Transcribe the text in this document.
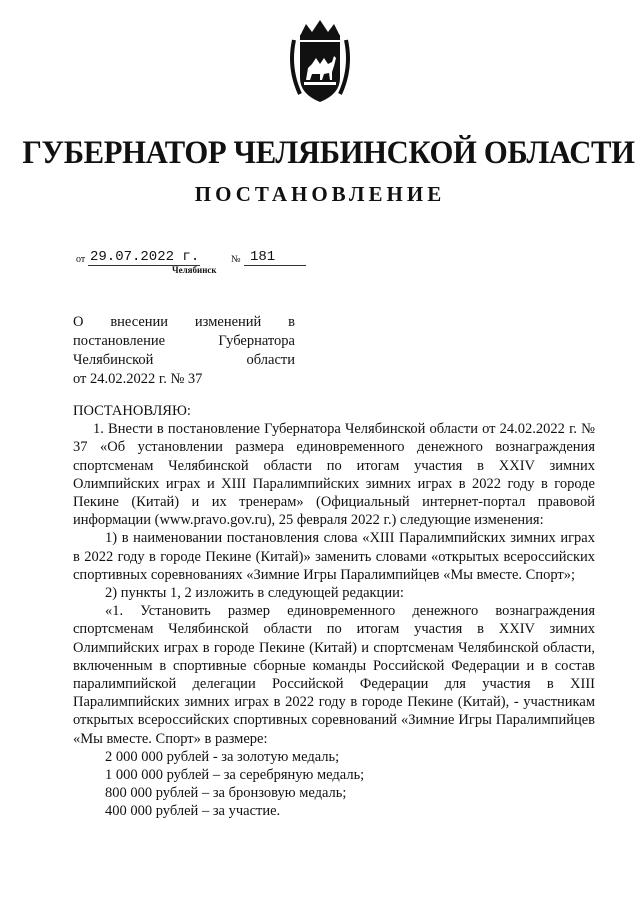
ГУБЕРНАТОР ЧЕЛЯБИНСКОЙ ОБЛАСТИ
ПОСТАНОВЛЕНИЕ
от 29.07.2022 г.	№ 181
Челябинск
О внесении изменений в
постановление Губернатора
Челябинской области
от 24.02.2022 г. № 37

ПОСТАНОВЛЯЮ:

1. Внести в постановление Губернатора Челябинской области от 24.02.2022 г. № 37 «Об установлении размера единовременного денежного вознаграждения спортсменам Челябинской области по итогам участия в XXIV зимних Олимпийских играх и XIII Паралимпийских зимних играх в 2022 году в городе Пекине (Китай) и их тренерам» (Официальный интернет-портал правовой информации (www.pravo.gov.ru), 25 февраля 2022 г.) следующие изменения:

1) в наименовании постановления слова «XIII Паралимпийских зимних играх в 2022 году в городе Пекине (Китай)» заменить словами «открытых всероссийских спортивных соревнованиях «Зимние Игры Паралимпийцев «Мы вместе. Спорт»;

2) пункты 1, 2 изложить в следующей редакции:

«1. Установить размер единовременного денежного вознаграждения спортсменам Челябинской области по итогам участия в XXIV зимних Олимпийских играх в городе Пекине (Китай) и спортсменам Челябинской области, включенным в спортивные сборные команды Российской Федерации и в состав паралимпийской делегации Российской Федерации для участия в XIII Паралимпийских зимних играх в 2022 году в городе Пекине (Китай), - участникам открытых всероссийских спортивных соревнований «Зимние Игры Паралимпийцев «Мы вместе. Спорт» в размере:

2 000 000 рублей - за золотую медаль;

1 000 000 рублей – за серебряную медаль;

800 000 рублей – за бронзовую медаль;

400 000 рублей – за участие.
